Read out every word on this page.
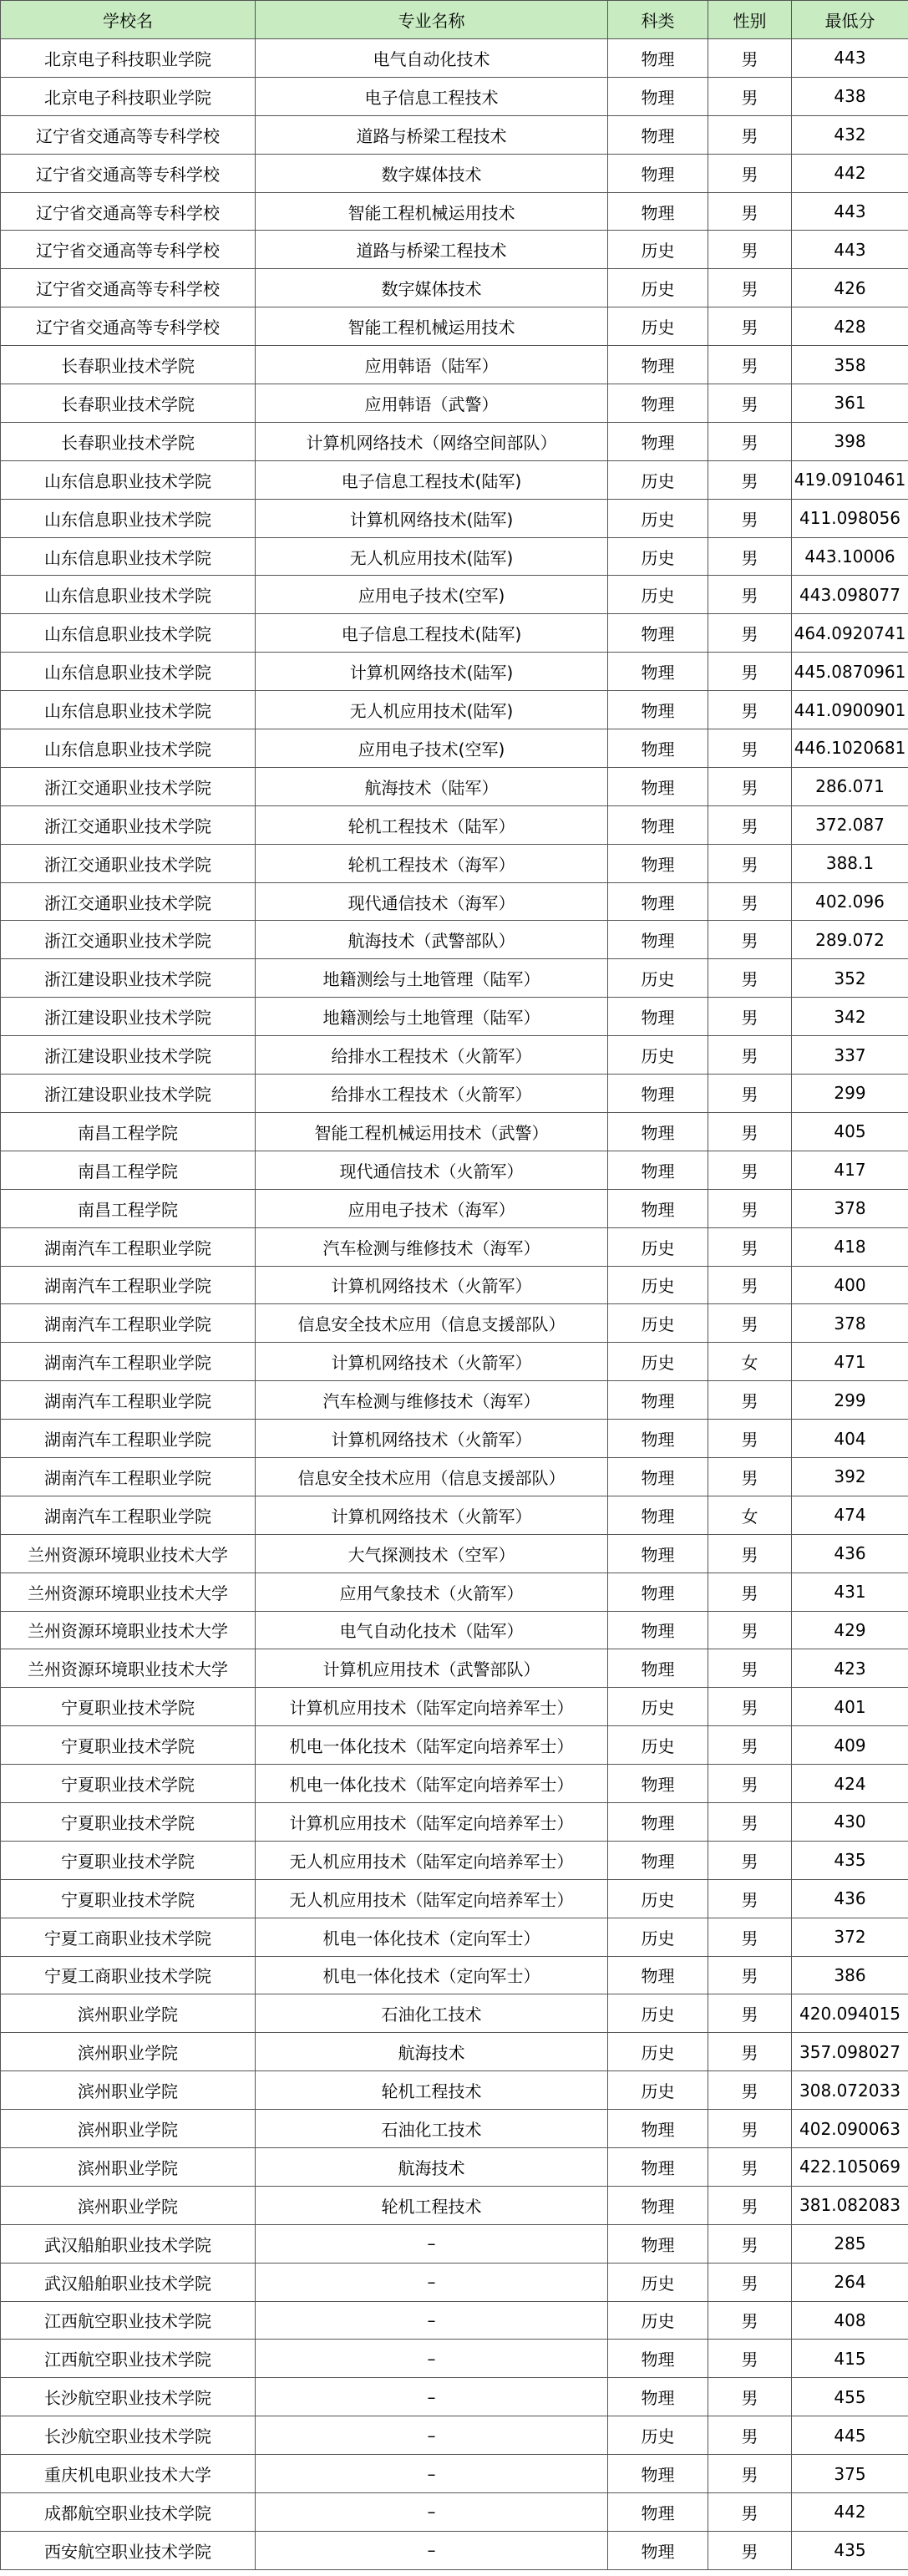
学校名	专业名称	科类	性别	最低分
北京电子科技职业学院	电气自动化技术	物理	男	443
北京电子科技职业学院	电子信息工程技术	物理	男	438
辽宁省交通高等专科学校	道路与桥梁工程技术	物理	男	432
辽宁省交通高等专科学校	数字媒体技术	物理	男	442
辽宁省交通高等专科学校	智能工程机械运用技术	物理	男	443
辽宁省交通高等专科学校	道路与桥梁工程技术	历史	男	443
辽宁省交通高等专科学校	数字媒体技术	历史	男	426
辽宁省交通高等专科学校	智能工程机械运用技术	历史	男	428
长春职业技术学院	应用韩语（陆军）	物理	男	358
长春职业技术学院	应用韩语（武警）	物理	男	361
长春职业技术学院	计算机网络技术（网络空间部队）	物理	男	398
山东信息职业技术学院	电子信息工程技术(陆军)	历史	男	419.0910461
山东信息职业技术学院	计算机网络技术(陆军)	历史	男	411.098056
山东信息职业技术学院	无人机应用技术(陆军)	历史	男	443.10006
山东信息职业技术学院	应用电子技术(空军)	历史	男	443.098077
山东信息职业技术学院	电子信息工程技术(陆军)	物理	男	464.0920741
山东信息职业技术学院	计算机网络技术(陆军)	物理	男	445.0870961
山东信息职业技术学院	无人机应用技术(陆军)	物理	男	441.0900901
山东信息职业技术学院	应用电子技术(空军)	物理	男	446.1020681
浙江交通职业技术学院	航海技术（陆军）	物理	男	286.071
浙江交通职业技术学院	轮机工程技术（陆军）	物理	男	372.087
浙江交通职业技术学院	轮机工程技术（海军）	物理	男	388.1
浙江交通职业技术学院	现代通信技术（海军）	物理	男	402.096
浙江交通职业技术学院	航海技术（武警部队）	物理	男	289.072
浙江建设职业技术学院	地籍测绘与土地管理（陆军）	历史	男	352
浙江建设职业技术学院	地籍测绘与土地管理（陆军）	物理	男	342
浙江建设职业技术学院	给排水工程技术（火箭军）	历史	男	337
浙江建设职业技术学院	给排水工程技术（火箭军）	物理	男	299
南昌工程学院	智能工程机械运用技术（武警）	物理	男	405
南昌工程学院	现代通信技术（火箭军）	物理	男	417
南昌工程学院	应用电子技术（海军）	物理	男	378
湖南汽车工程职业学院	汽车检测与维修技术（海军）	历史	男	418
湖南汽车工程职业学院	计算机网络技术（火箭军）	历史	男	400
湖南汽车工程职业学院	信息安全技术应用（信息支援部队）	历史	男	378
湖南汽车工程职业学院	计算机网络技术（火箭军）	历史	女	471
湖南汽车工程职业学院	汽车检测与维修技术（海军）	物理	男	299
湖南汽车工程职业学院	计算机网络技术（火箭军）	物理	男	404
湖南汽车工程职业学院	信息安全技术应用（信息支援部队）	物理	男	392
湖南汽车工程职业学院	计算机网络技术（火箭军）	物理	女	474
兰州资源环境职业技术大学	大气探测技术（空军）	物理	男	436
兰州资源环境职业技术大学	应用气象技术（火箭军）	物理	男	431
兰州资源环境职业技术大学	电气自动化技术（陆军）	物理	男	429
兰州资源环境职业技术大学	计算机应用技术（武警部队）	物理	男	423
宁夏职业技术学院	计算机应用技术（陆军定向培养军士）	历史	男	401
宁夏职业技术学院	机电一体化技术（陆军定向培养军士）	历史	男	409
宁夏职业技术学院	机电一体化技术（陆军定向培养军士）	物理	男	424
宁夏职业技术学院	计算机应用技术（陆军定向培养军士）	物理	男	430
宁夏职业技术学院	无人机应用技术（陆军定向培养军士）	物理	男	435
宁夏职业技术学院	无人机应用技术（陆军定向培养军士）	历史	男	436
宁夏工商职业技术学院	机电一体化技术（定向军士）	历史	男	372
宁夏工商职业技术学院	机电一体化技术（定向军士）	物理	男	386
滨州职业学院	石油化工技术	历史	男	420.094015
滨州职业学院	航海技术	历史	男	357.098027
滨州职业学院	轮机工程技术	历史	男	308.072033
滨州职业学院	石油化工技术	物理	男	402.090063
滨州职业学院	航海技术	物理	男	422.105069
滨州职业学院	轮机工程技术	物理	男	381.082083
武汉船舶职业技术学院	–	物理	男	285
武汉船舶职业技术学院	–	历史	男	264
江西航空职业技术学院	–	历史	男	408
江西航空职业技术学院	–	物理	男	415
长沙航空职业技术学院	–	物理	男	455
长沙航空职业技术学院	–	历史	男	445
重庆机电职业技术大学	–	物理	男	375
成都航空职业技术学院	–	物理	男	442
西安航空职业技术学院	–	物理	男	435
